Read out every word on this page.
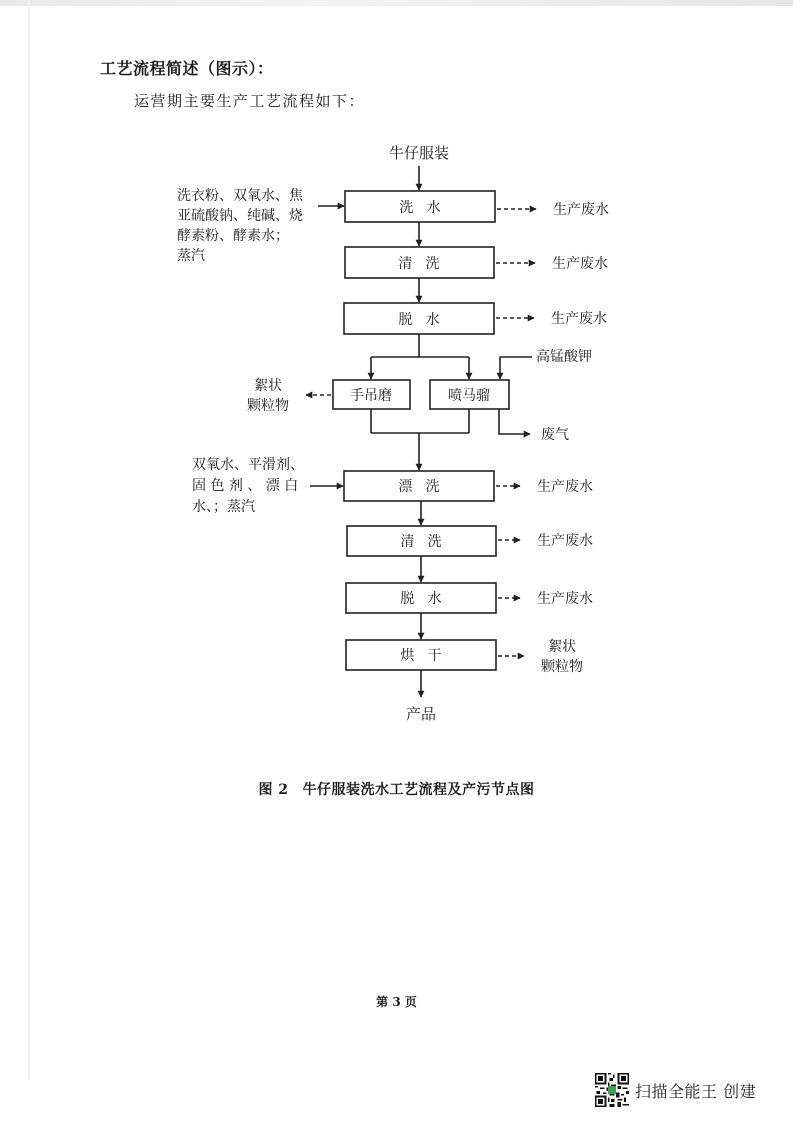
工艺流程简述（图示）：
运营期主要生产工艺流程如下：
牛仔服装
洗   水
洗衣粉、双氧水、焦
亚硫酸钠、纯碱、烧
酵素粉、酵素水；
蒸汽
生产废水
清   洗	生产废水
脱   水	生产废水
手吊磨
絮状
颗粒物
喷马骝
高锰酸钾
废气
漂   洗
双氧水、平滑剂、
固 色 剂 、 漂 白
水、；蒸汽
生产废水
清   洗	生产废水
脱   水	生产废水
烘   干
絮状
颗粒物
产品
图 2 牛仔服装洗水工艺流程及产污节点图
第 3 页
扫描全能王 创建
